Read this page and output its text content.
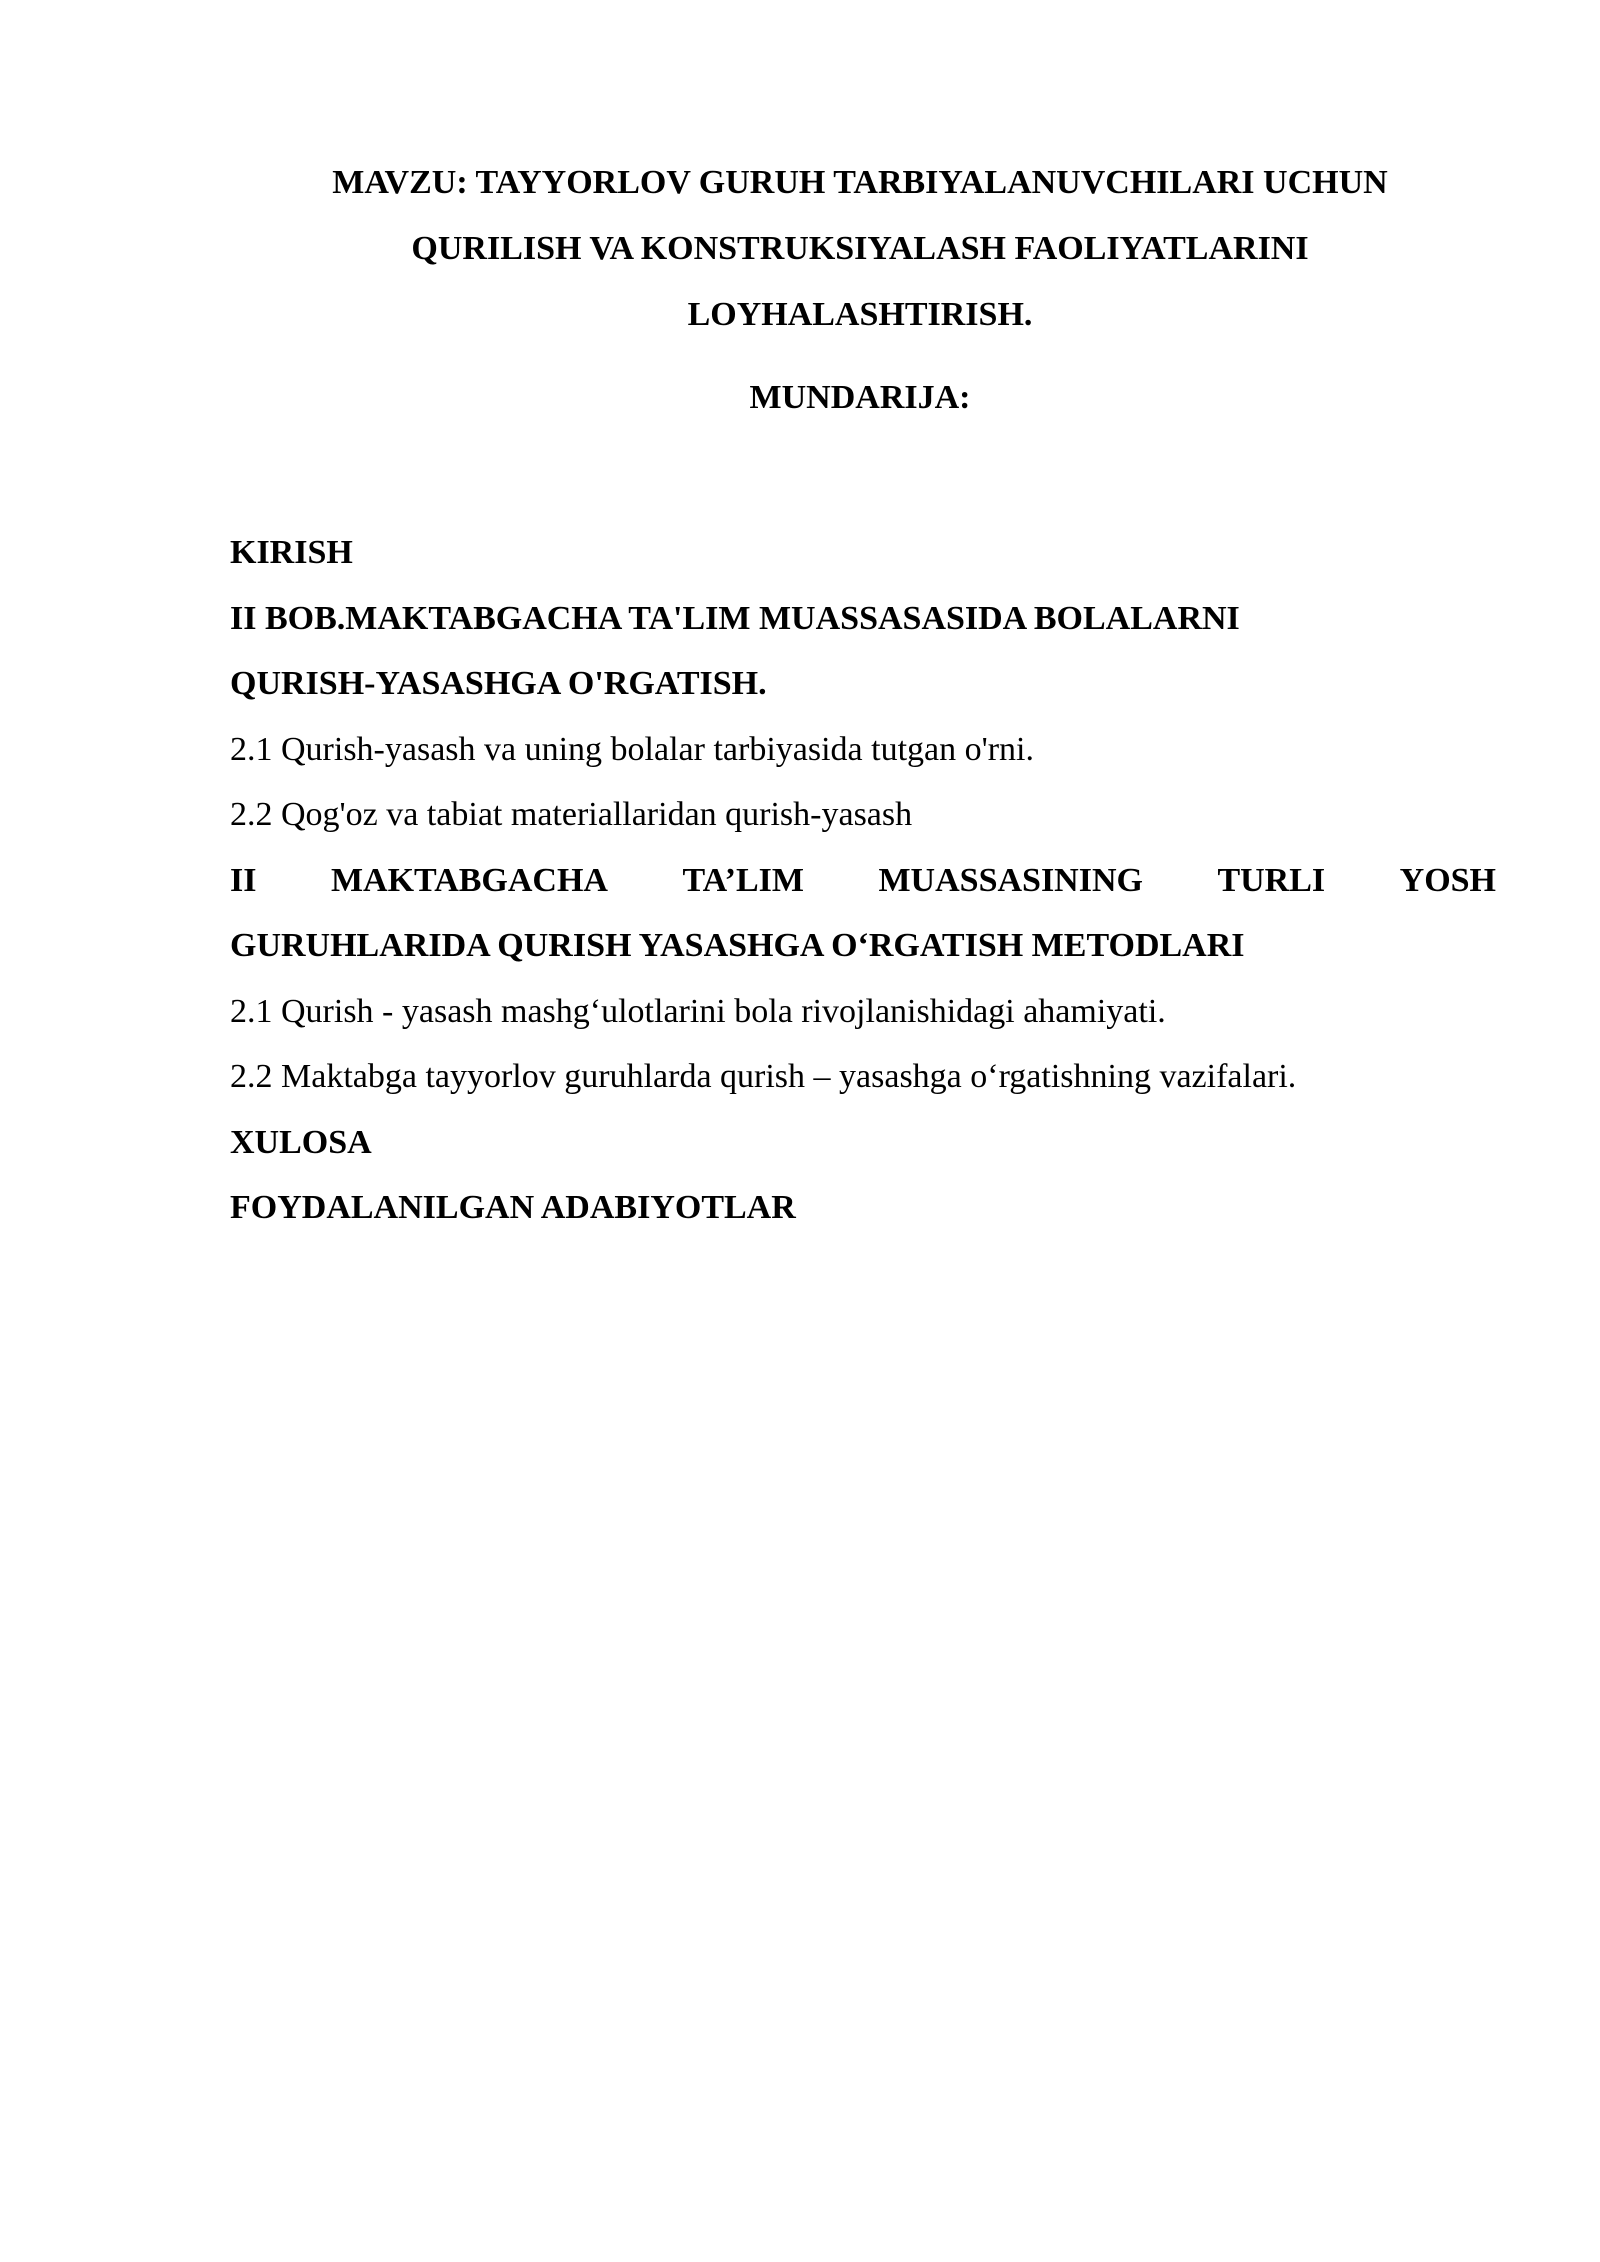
MAVZU: TAYYORLOV GURUH TARBIYALANUVCHILARI UCHUN
QURILISH VA KONSTRUKSIYALASH FAOLIYATLARINI
LOYHALASHTIRISH.
MUNDARIJA:
KIRISH
II BOB.MAKTABGACHA TA'LIM MUASSASASIDA BOLALARNI
QURISH-YASASHGA O'RGATISH.
2.1 Qurish-yasash va uning bolalar tarbiyasida tutgan o'rni.
2.2 Qog'oz va tabiat materiallaridan qurish-yasash
II MAKTABGACHA TA’LIM MUASSASINING TURLI YOSH
GURUHLARIDA QURISH YASASHGA O‘RGATISH METODLARI
2.1 Qurish - yasash mashg‘ulotlarini bola rivojlanishidagi ahamiyati.
2.2 Maktabga tayyorlov guruhlarda qurish – yasashga o‘rgatishning vazifalari.
XULOSA
FOYDALANILGAN ADABIYOTLAR
